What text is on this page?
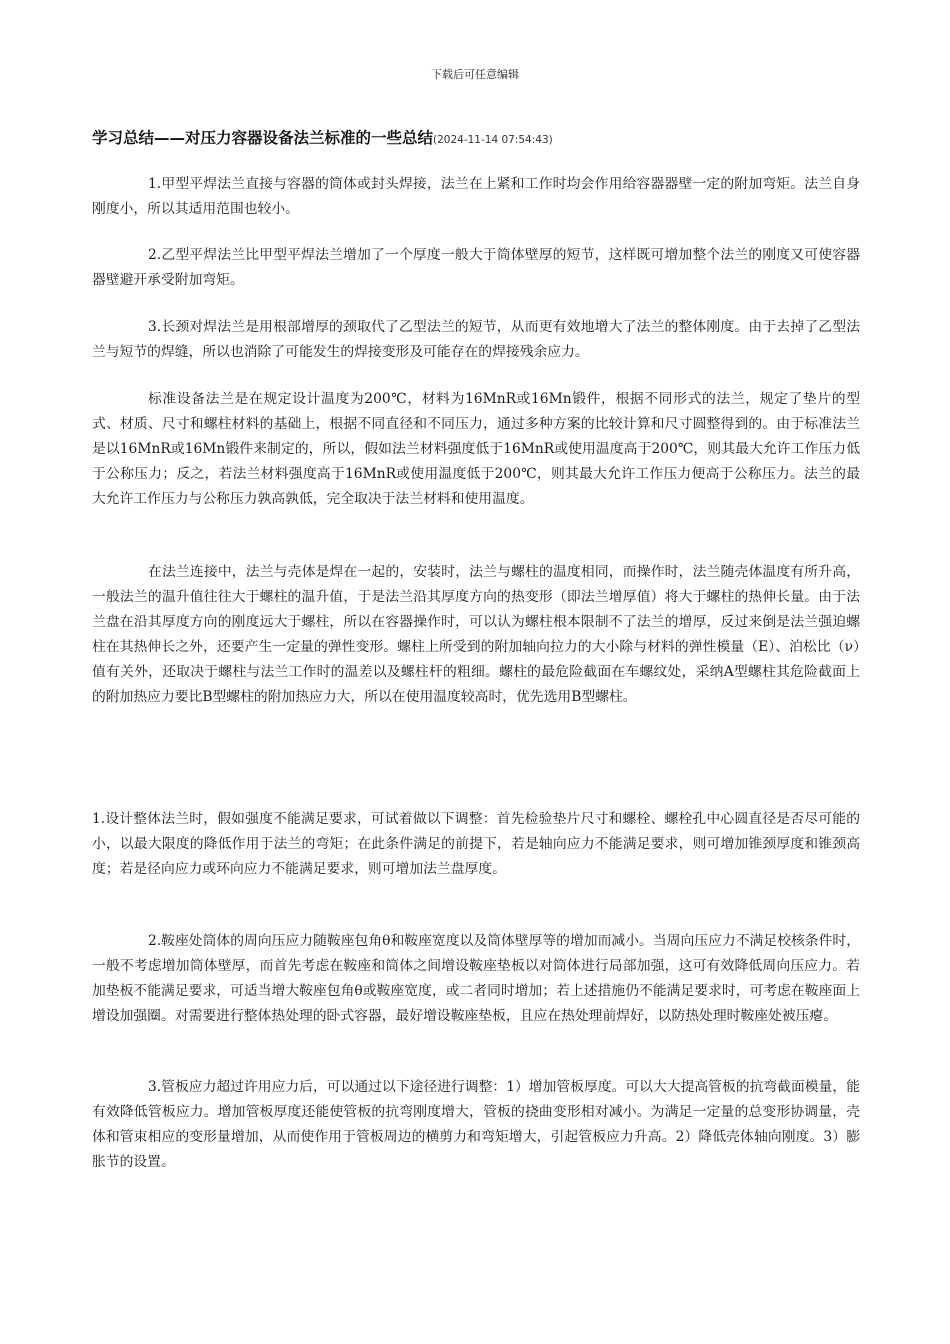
下载后可任意编辑
学习总结——对压力容器设备法兰标准的一些总结(2024-11-14 07:54:43)

1.甲型平焊法兰直接与容器的筒体或封头焊接，法兰在上紧和工作时均会作用给容器器壁一定的附加弯矩。法兰自身刚度小，所以其适用范围也较小。

2.乙型平焊法兰比甲型平焊法兰增加了一个厚度一般大于筒体壁厚的短节，这样既可增加整个法兰的刚度又可使容器器壁避开承受附加弯矩。

3.长颈对焊法兰是用根部增厚的颈取代了乙型法兰的短节，从而更有效地增大了法兰的整体刚度。由于去掉了乙型法兰与短节的焊缝，所以也消除了可能发生的焊接变形及可能存在的焊接残余应力。

标准设备法兰是在规定设计温度为200℃，材料为16MnR或16Mn锻件，根据不同形式的法兰，规定了垫片的型式、材质、尺寸和螺柱材料的基础上，根据不同直径和不同压力，通过多种方案的比较计算和尺寸圆整得到的。由于标准法兰是以16MnR或16Mn锻件来制定的，所以，假如法兰材料强度低于16MnR或使用温度高于200℃，则其最大允许工作压力低于公称压力；反之，若法兰材料强度高于16MnR或使用温度低于200℃，则其最大允许工作压力便高于公称压力。法兰的最大允许工作压力与公称压力孰高孰低，完全取决于法兰材料和使用温度。

在法兰连接中，法兰与壳体是焊在一起的，安装时，法兰与螺柱的温度相同，而操作时，法兰随壳体温度有所升高，一般法兰的温升值往往大于螺柱的温升值，于是法兰沿其厚度方向的热变形（即法兰增厚值）将大于螺柱的热伸长量。由于法兰盘在沿其厚度方向的刚度远大于螺柱，所以在容器操作时，可以认为螺柱根本限制不了法兰的增厚，反过来倒是法兰强迫螺柱在其热伸长之外，还要产生一定量的弹性变形。螺柱上所受到的附加轴向拉力的大小除与材料的弹性模量（E）、泊松比（ν）值有关外，还取决于螺柱与法兰工作时的温差以及螺柱杆的粗细。螺柱的最危险截面在车螺纹处，采纳A型螺柱其危险截面上的附加热应力要比B型螺柱的附加热应力大，所以在使用温度较高时，优先选用B型螺柱。

1.设计整体法兰时，假如强度不能满足要求，可试着做以下调整：首先检验垫片尺寸和螺栓、螺栓孔中心圆直径是否尽可能的小，以最大限度的降低作用于法兰的弯矩；在此条件满足的前提下，若是轴向应力不能满足要求，则可增加锥颈厚度和锥颈高度；若是径向应力或环向应力不能满足要求，则可增加法兰盘厚度。

2.鞍座处筒体的周向压应力随鞍座包角θ和鞍座宽度以及筒体壁厚等的增加而减小。当周向压应力不满足校核条件时，一般不考虑增加筒体壁厚，而首先考虑在鞍座和筒体之间增设鞍座垫板以对筒体进行局部加强，这可有效降低周向压应力。若加垫板不能满足要求，可适当增大鞍座包角θ或鞍座宽度，或二者同时增加；若上述措施仍不能满足要求时，可考虑在鞍座面上增设加强圈。对需要进行整体热处理的卧式容器，最好增设鞍座垫板，且应在热处理前焊好，以防热处理时鞍座处被压瘪。

3.管板应力超过许用应力后，可以通过以下途径进行调整：1）增加管板厚度。可以大大提高管板的抗弯截面模量，能有效降低管板应力。增加管板厚度还能使管板的抗弯刚度增大，管板的挠曲变形相对减小。为满足一定量的总变形协调量，壳体和管束相应的变形量增加，从而使作用于管板周边的横剪力和弯矩增大，引起管板应力升高。2）降低壳体轴向刚度。3）膨胀节的设置。
